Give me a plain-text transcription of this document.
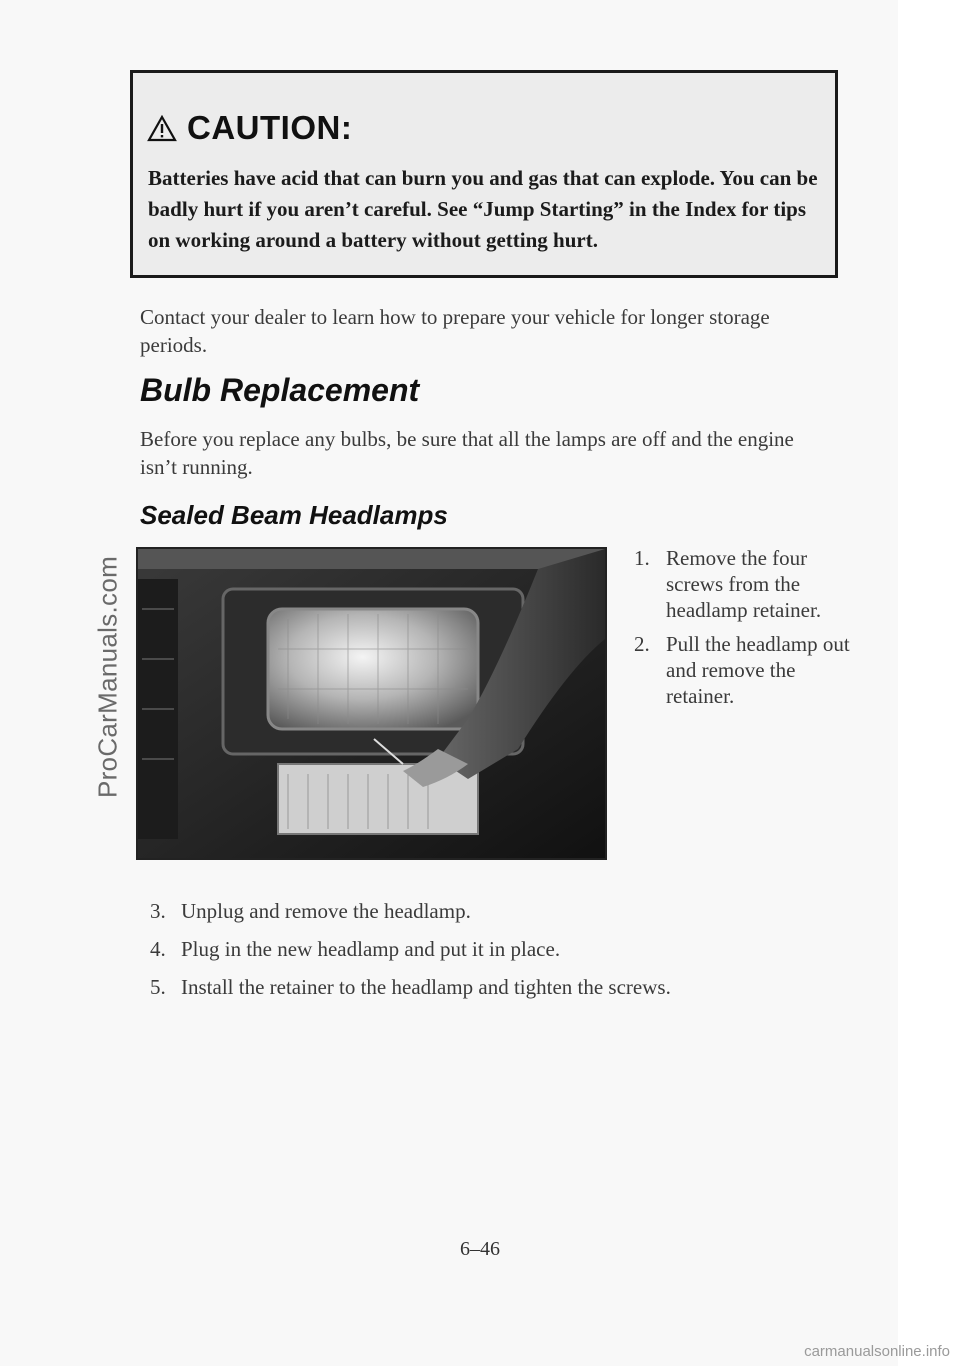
ProCarManuals.com
CAUTION:
Batteries have acid that can burn you and gas that can explode. You can be badly hurt if you aren’t careful. See “Jump Starting” in the Index for tips on working around a battery without getting hurt.
Contact your dealer to learn how to prepare your vehicle for longer storage periods.
Bulb Replacement
Before you replace any bulbs, be sure that all the lamps are off and the engine isn’t running.
Sealed Beam Headlamps
1. Remove the four screws from the headlamp retainer.
2. Pull the headlamp out and remove the retainer.
3. Unplug and remove the headlamp.
4. Plug in the new headlamp and put it in place.
5. Install the retainer to the headlamp and tighten the screws.
6–46
carmanualsonline.info
